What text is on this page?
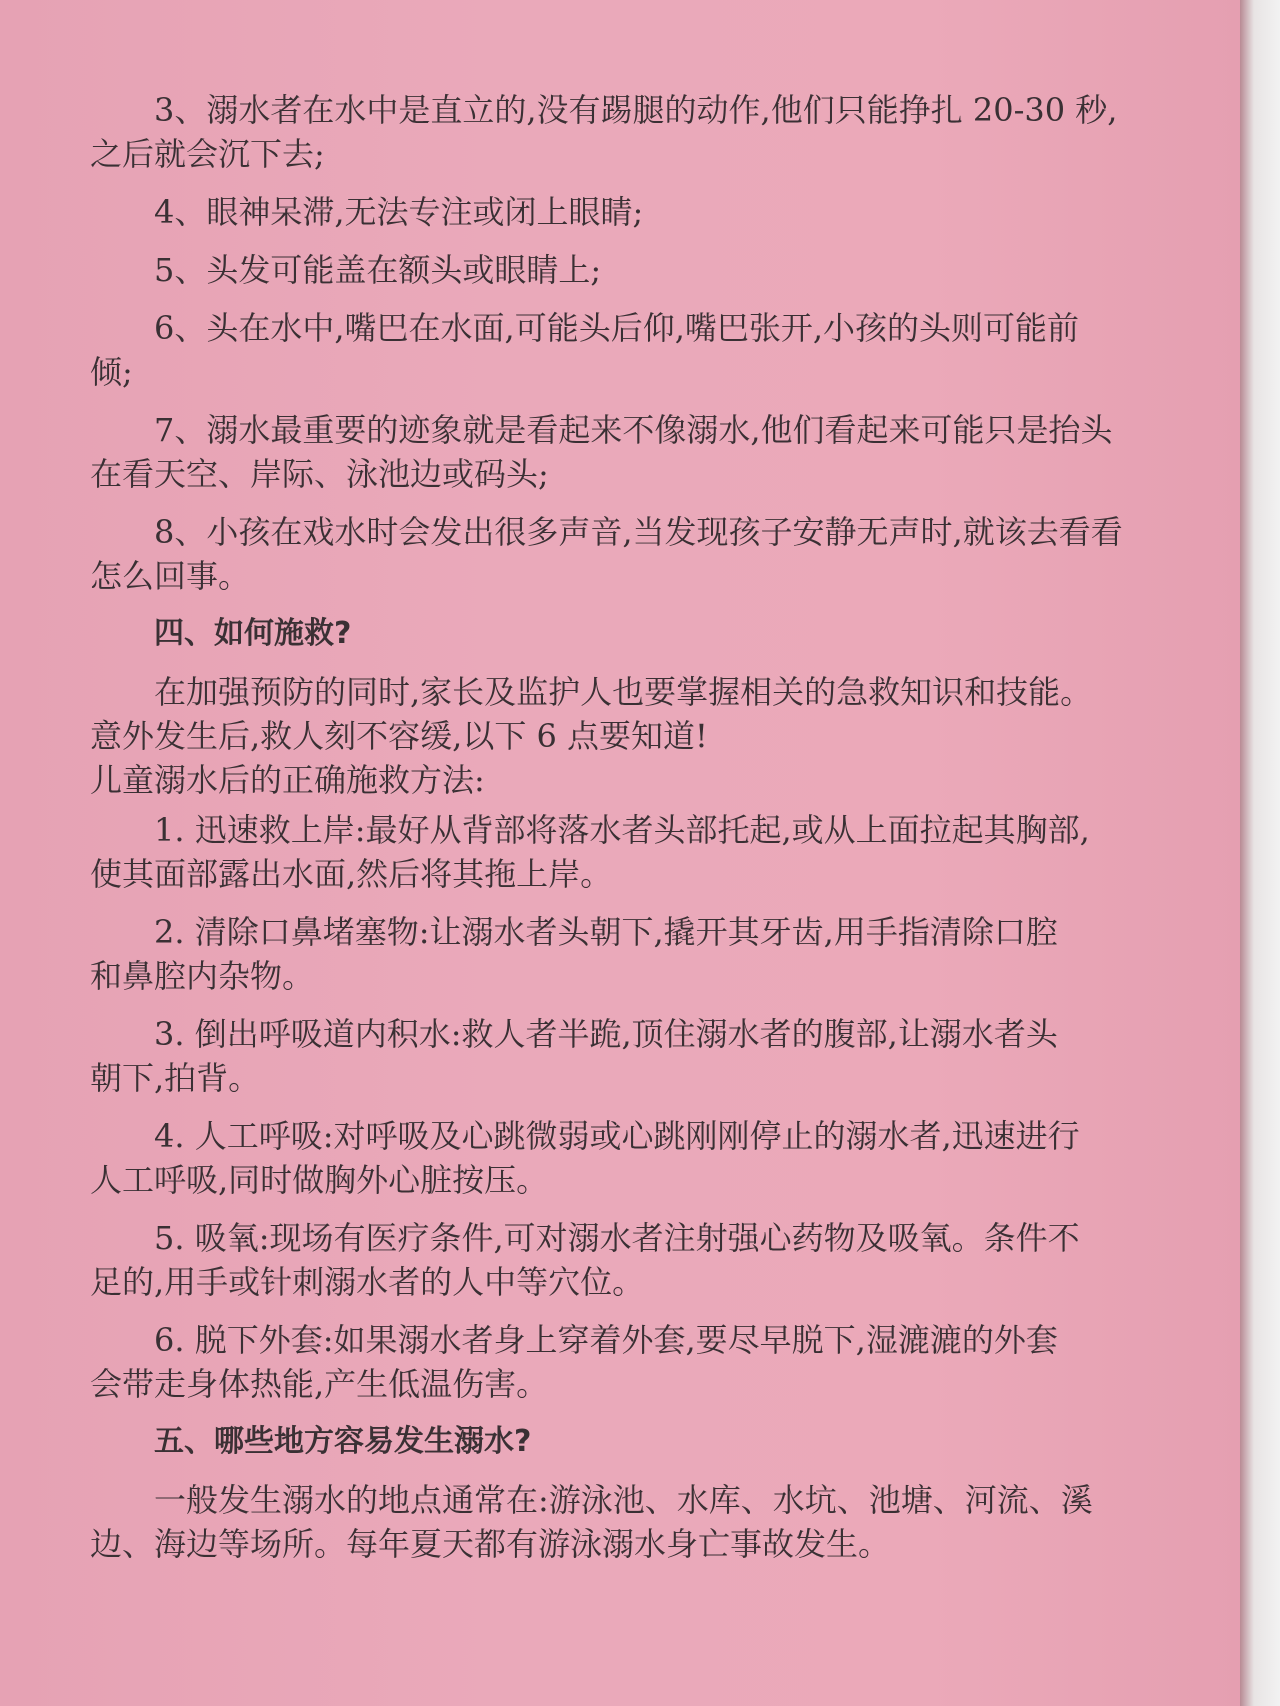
3、溺水者在水中是直立的,没有踢腿的动作,他们只能挣扎 20-30 秒,
之后就会沉下去;
4、眼神呆滞,无法专注或闭上眼睛;
5、头发可能盖在额头或眼睛上;
6、头在水中,嘴巴在水面,可能头后仰,嘴巴张开,小孩的头则可能前
倾;
7、溺水最重要的迹象就是看起来不像溺水,他们看起来可能只是抬头
在看天空、岸际、泳池边或码头;
8、小孩在戏水时会发出很多声音,当发现孩子安静无声时,就该去看看
怎么回事。
四、如何施救?
在加强预防的同时,家长及监护人也要掌握相关的急救知识和技能。
意外发生后,救人刻不容缓,以下 6 点要知道!
儿童溺水后的正确施救方法:
1. 迅速救上岸:最好从背部将落水者头部托起,或从上面拉起其胸部,
使其面部露出水面,然后将其拖上岸。
2. 清除口鼻堵塞物:让溺水者头朝下,撬开其牙齿,用手指清除口腔
和鼻腔内杂物。
3. 倒出呼吸道内积水:救人者半跪,顶住溺水者的腹部,让溺水者头
朝下,拍背。
4. 人工呼吸:对呼吸及心跳微弱或心跳刚刚停止的溺水者,迅速进行
人工呼吸,同时做胸外心脏按压。
5. 吸氧:现场有医疗条件,可对溺水者注射强心药物及吸氧。条件不
足的,用手或针刺溺水者的人中等穴位。
6. 脱下外套:如果溺水者身上穿着外套,要尽早脱下,湿漉漉的外套
会带走身体热能,产生低温伤害。
五、哪些地方容易发生溺水?
一般发生溺水的地点通常在:游泳池、水库、水坑、池塘、河流、溪
边、海边等场所。每年夏天都有游泳溺水身亡事故发生。
